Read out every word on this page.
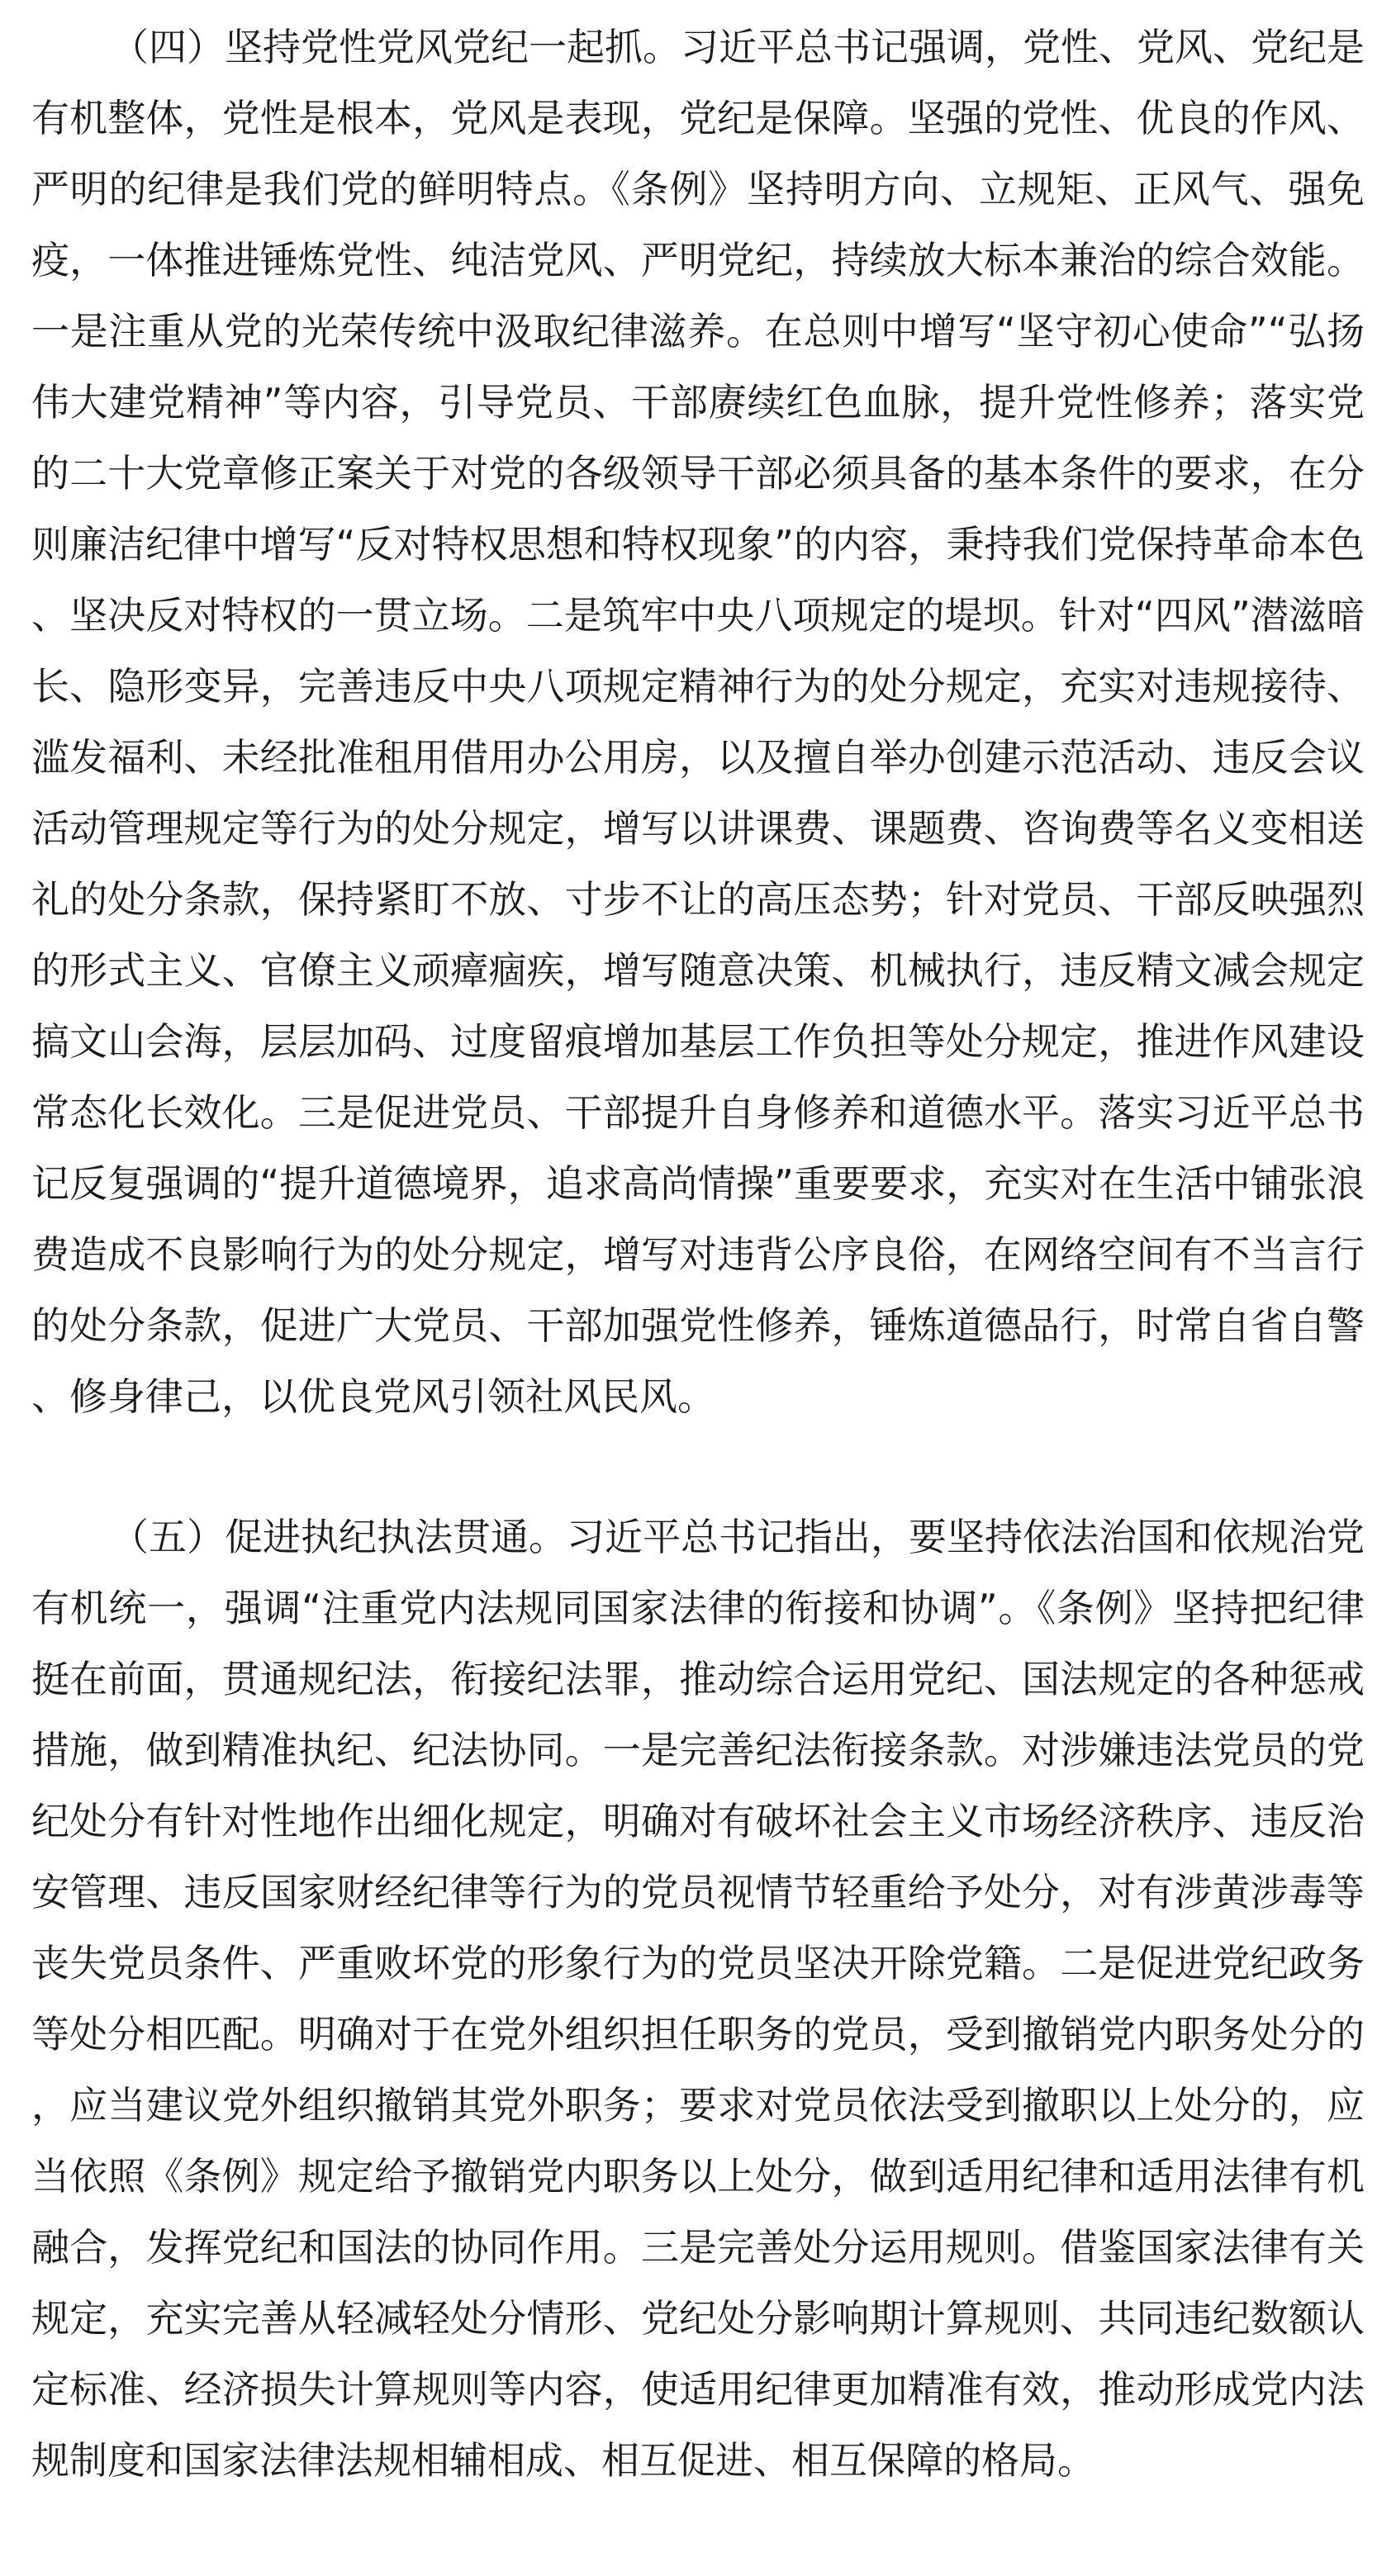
（四）坚持党性党风党纪一起抓。习近平总书记强调，党性、党风、党纪是有机整体，党性是根本，党风是表现，党纪是保障。坚强的党性、优良的作风、严明的纪律是我们党的鲜明特点。《条例》坚持明方向、立规矩、正风气、强免疫，一体推进锤炼党性、纯洁党风、严明党纪，持续放大标本兼治的综合效能。一是注重从党的光荣传统中汲取纪律滋养。在总则中增写“坚守初心使命”“弘扬伟大建党精神”等内容，引导党员、干部赓续红色血脉，提升党性修养；落实党的二十大党章修正案关于对党的各级领导干部必须具备的基本条件的要求，在分则廉洁纪律中增写“反对特权思想和特权现象”的内容，秉持我们党保持革命本色、坚决反对特权的一贯立场。二是筑牢中央八项规定的堤坝。针对“四风”潜滋暗长、隐形变异，完善违反中央八项规定精神行为的处分规定，充实对违规接待、滥发福利、未经批准租用借用办公用房，以及擅自举办创建示范活动、违反会议活动管理规定等行为的处分规定，增写以讲课费、课题费、咨询费等名义变相送礼的处分条款，保持紧盯不放、寸步不让的高压态势；针对党员、干部反映强烈的形式主义、官僚主义顽瘴痼疾，增写随意决策、机械执行，违反精文减会规定搞文山会海，层层加码、过度留痕增加基层工作负担等处分规定，推进作风建设常态化长效化。三是促进党员、干部提升自身修养和道德水平。落实习近平总书记反复强调的“提升道德境界，追求高尚情操”重要要求，充实对在生活中铺张浪费造成不良影响行为的处分规定，增写对违背公序良俗，在网络空间有不当言行的处分条款，促进广大党员、干部加强党性修养，锤炼道德品行，时常自省自警、修身律己，以优良党风引领社风民风。

（五）促进执纪执法贯通。习近平总书记指出，要坚持依法治国和依规治党有机统一，强调“注重党内法规同国家法律的衔接和协调”。《条例》坚持把纪律挺在前面，贯通规纪法，衔接纪法罪，推动综合运用党纪、国法规定的各种惩戒措施，做到精准执纪、纪法协同。一是完善纪法衔接条款。对涉嫌违法党员的党纪处分有针对性地作出细化规定，明确对有破坏社会主义市场经济秩序、违反治安管理、违反国家财经纪律等行为的党员视情节轻重给予处分，对有涉黄涉毒等丧失党员条件、严重败坏党的形象行为的党员坚决开除党籍。二是促进党纪政务等处分相匹配。明确对于在党外组织担任职务的党员，受到撤销党内职务处分的，应当建议党外组织撤销其党外职务；要求对党员依法受到撤职以上处分的，应当依照《条例》规定给予撤销党内职务以上处分，做到适用纪律和适用法律有机融合，发挥党纪和国法的协同作用。三是完善处分运用规则。借鉴国家法律有关规定，充实完善从轻减轻处分情形、党纪处分影响期计算规则、共同违纪数额认定标准、经济损失计算规则等内容，使适用纪律更加精准有效，推动形成党内法规制度和国家法律法规相辅相成、相互促进、相互保障的格局。
